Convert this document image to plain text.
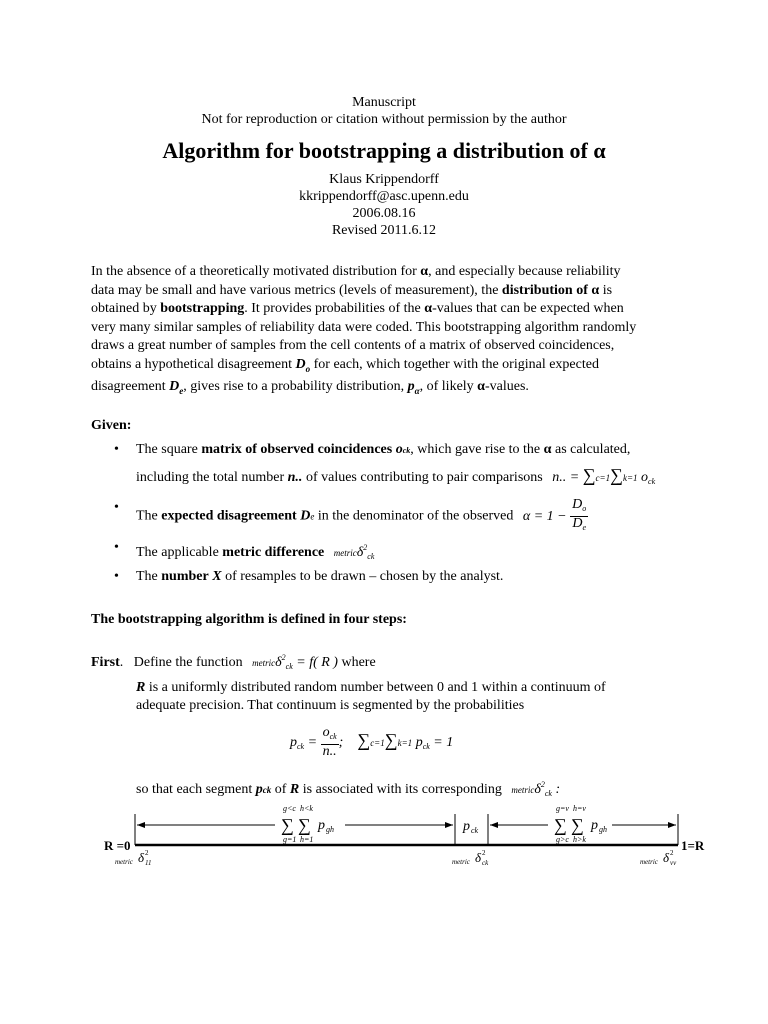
Manuscript
Not for reproduction or citation without permission by the author
Algorithm for bootstrapping a distribution of α
Klaus Krippendorff
kkrippendorff@asc.upenn.edu
2006.08.16
Revised 2011.6.12
In the absence of a theoretically motivated distribution for α, and especially because reliability
data may be small and have various metrics (levels of measurement), the distribution of α is
obtained by bootstrapping. It provides probabilities of the α-values that can be expected when
very many similar samples of reliability data were coded. This bootstrapping algorithm randomly
draws a great number of samples from the cell contents of a matrix of observed coincidences,
obtains a hypothetical disagreement $D_o$ for each, which together with the original expected
disagreement $D_e$, gives rise to a probability distribution, $p_\alpha$, of likely α-values.
Given:
• The square matrix of observed coincidences ock, which gave rise to the α as calculated,
including the total number n.. of values contributing to pair comparisons n.. = ∑c=1∑k=1 $o_{ck}$
•
The expected disagreement De in the denominator of the observed $\alpha = 1 - \frac{D_o}{D_e}$
• The applicable metric difference metricδ$^2_{ck}$
• The number X of resamples to be drawn – chosen by the analyst.
The bootstrapping algorithm is defined in four steps:
First.   Define the function metricδ$^2_{ck}$ = f( R ) where
R is a uniformly distributed random number between 0 and 1 within a continuum of
adequate precision. That continuum is segmented by the probabilities
$p_{ck} = \frac{o_{ck}}{n..}$ ;    ∑c=1∑k=1 $p_{ck} = 1$
so that each segment pck of R is associated with its corresponding metricδ$^2_{ck}$ :
g<c h<k
∑ ∑ p gh
g=1 h=1
p ck
g=v h=v
∑ ∑ p gh
g>c h>k
R =0	1=R
metric δ 2
11	metric δ 2
ck	metric δ 2
vv
